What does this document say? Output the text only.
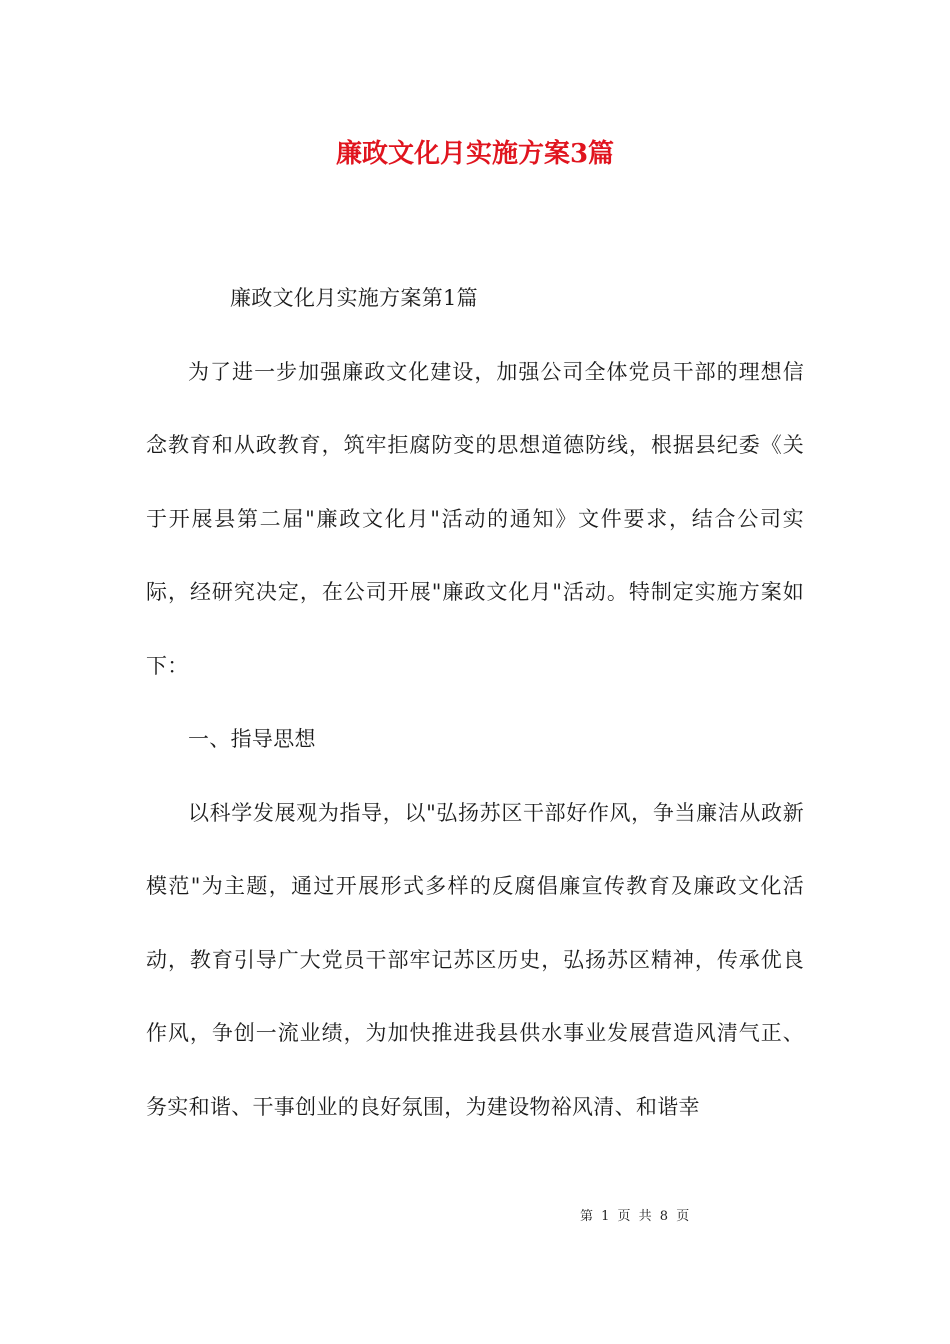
廉政文化月实施方案3篇

廉政文化月实施方案第1篇

为了进一步加强廉政文化建设，加强公司全体党员干部的理想信念教育和从政教育，筑牢拒腐防变的思想道德防线，根据县纪委《关于开展县第二届"廉政文化月"活动的通知》文件要求，结合公司实际，经研究决定，在公司开展"廉政文化月"活动。特制定实施方案如下：

一、指导思想

以科学发展观为指导，以"弘扬苏区干部好作风，争当廉洁从政新模范"为主题，通过开展形式多样的反腐倡廉宣传教育及廉政文化活动，教育引导广大党员干部牢记苏区历史，弘扬苏区精神，传承优良作风，争创一流业绩，为加快推进我县供水事业发展营造风清气正、务实和谐、干事创业的良好氛围，为建设物裕风清、和谐幸

第 1 页 共 8 页
